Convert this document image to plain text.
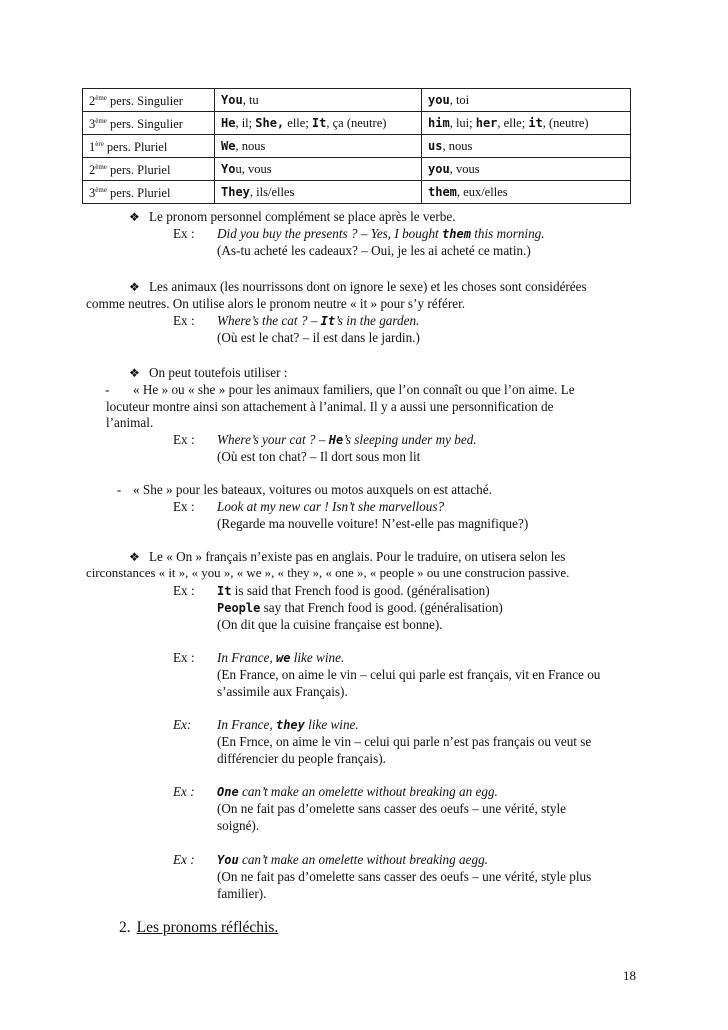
2ème pers. Singulier	You, tu	you, toi
3ème pers. Singulier	He, il; She, elle; It, ça (neutre)	him, lui; her, elle; it, (neutre)
1ère pers. Pluriel	We, nous	us, nous
2ème pers. Pluriel	You, vous	you, vous
3ème pers. Pluriel	They, ils/elles	them, eux/elles
❖ Le pronom personnel complément se place après le verbe.
Ex : Did you buy the presents ? – Yes, I bought them this morning.
(As-tu acheté les cadeaux? – Oui, je les ai acheté ce matin.)
❖ Les animaux (les nourrissons dont on ignore le sexe) et les choses sont considérées
comme neutres. On utilise alors le pronom neutre « it » pour s’y référer.
Ex : Where’s the cat ? – It’s in the garden.
(Où est le chat? – il est dans le jardin.)
❖ On peut toutefois utiliser :
- « He » ou « she » pour les animaux familiers, que l’on connaît ou que l’on aime. Le
locuteur montre ainsi son attachement à l’animal. Il y a aussi une personnification de
l’animal.
Ex : Where’s your cat ? – He’s sleeping under my bed.
(Où est ton chat? – Il dort sous mon lit
- « She » pour les bateaux, voitures ou motos auxquels on est attaché.
Ex : Look at my new car ! Isn’t she marvellous?
(Regarde ma nouvelle voiture! N’est-elle pas magnifique?)
❖ Le « On » français n’existe pas en anglais. Pour le traduire, on utisera selon les
circonstances « it », « you », « we », « they », « one », « people » ou une construcion passive.
Ex : It is said that French food is good. (généralisation)
People say that French food is good. (généralisation)
(On dit que la cuisine française est bonne).
Ex : In France, we like wine.
(En France, on aime le vin – celui qui parle est français, vit en France ou
s’assimile aux Français).
Ex: In France, they like wine.
(En Frnce, on aime le vin – celui qui parle n’est pas français ou veut se
différencier du people français).
Ex : One can’t make an omelette without breaking an egg.
(On ne fait pas d’omelette sans casser des oeufs – une vérité, style
soigné).
Ex : You can’t make an omelette without breaking aegg.
(On ne fait pas d’omelette sans casser des oeufs – une vérité, style plus
familier).
2. Les pronoms réfléchis.
18
